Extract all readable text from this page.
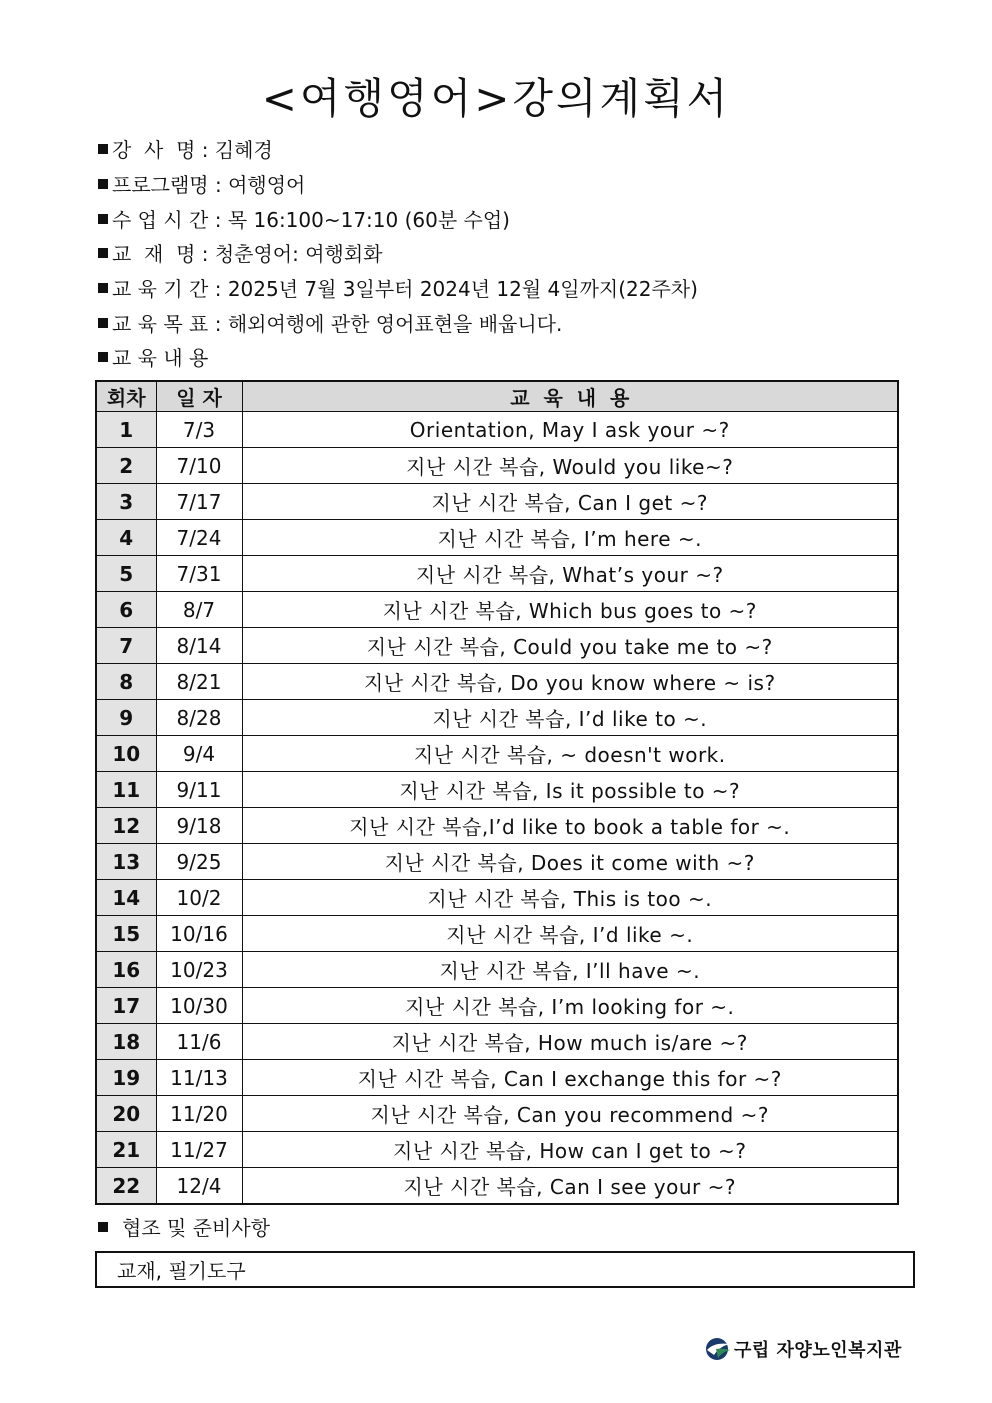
<여행영어>강의계획서
강  사  명 : 김혜경
프로그램명 : 여행영어
수 업 시 간 : 목 16:100~17:10 (60분 수업)
교  재  명 : 청춘영어: 여행회화
교 육 기 간 : 2025년 7월 3일부터 2024년 12월 4일까지(22주차)
교 육 목 표 : 해외여행에 관한 영어표현을 배웁니다.
교 육 내 용
회차	일 자	교  육  내  용
1	7/3	Orientation, May I ask your ~?
2	7/10	지난 시간 복습, Would you like~?
3	7/17	지난 시간 복습, Can I get ~?
4	7/24	지난 시간 복습, I’m here ~.
5	7/31	지난 시간 복습, What’s your ~?
6	8/7	지난 시간 복습, Which bus goes to ~?
7	8/14	지난 시간 복습, Could you take me to ~?
8	8/21	지난 시간 복습, Do you know where ~ is?
9	8/28	지난 시간 복습, I’d like to ~.
10	9/4	지난 시간 복습, ~ doesn't work.
11	9/11	지난 시간 복습, Is it possible to ~?
12	9/18	지난 시간 복습,I’d like to book a table for ~.
13	9/25	지난 시간 복습, Does it come with ~?
14	10/2	지난 시간 복습, This is too ~.
15	10/16	지난 시간 복습, I’d like ~.
16	10/23	지난 시간 복습, I’ll have ~.
17	10/30	지난 시간 복습, I’m looking for ~.
18	11/6	지난 시간 복습, How much is/are ~?
19	11/13	지난 시간 복습, Can I exchange this for ~?
20	11/20	지난 시간 복습, Can you recommend ~?
21	11/27	지난 시간 복습, How can I get to ~?
22	12/4	지난 시간 복습, Can I see your ~?
협조 및 준비사항
교재, 필기도구
구립 자양노인복지관
